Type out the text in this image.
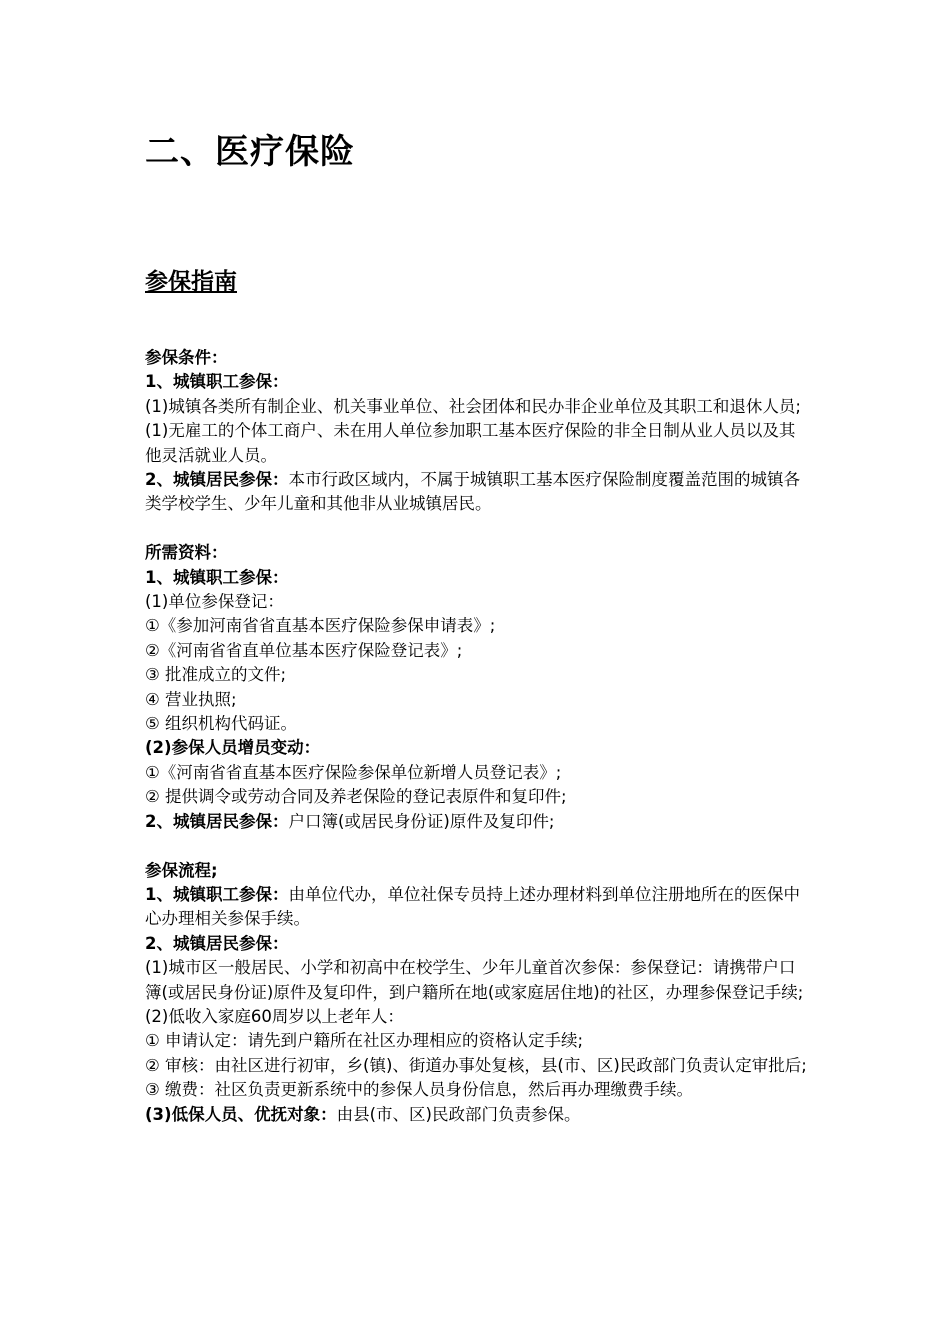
二、医疗保险
参保指南

参保条件：

1、城镇职工参保：

(1)城镇各类所有制企业、机关事业单位、社会团体和民办非企业单位及其职工和退休人员;

(1)无雇工的个体工商户、未在用人单位参加职工基本医疗保险的非全日制从业人员以及其他灵活就业人员。

2、城镇居民参保：本市行政区域内，不属于城镇职工基本医疗保险制度覆盖范围的城镇各类学校学生、少年儿童和其他非从业城镇居民。

所需资料：

1、城镇职工参保：

(1)单位参保登记：

①《参加河南省省直基本医疗保险参保申请表》;

②《河南省省直单位基本医疗保险登记表》;

③ 批准成立的文件;

④ 营业执照;

⑤ 组织机构代码证。

(2)参保人员增员变动：

①《河南省省直基本医疗保险参保单位新增人员登记表》;

② 提供调令或劳动合同及养老保险的登记表原件和复印件;

2、城镇居民参保：户口簿(或居民身份证)原件及复印件;

参保流程;

1、城镇职工参保：由单位代办，单位社保专员持上述办理材料到单位注册地所在的医保中心办理相关参保手续。

2、城镇居民参保：

(1)城市区一般居民、小学和初高中在校学生、少年儿童首次参保：参保登记：请携带户口簿(或居民身份证)原件及复印件，到户籍所在地(或家庭居住地)的社区，办理参保登记手续;

(2)低收入家庭60周岁以上老年人：

① 申请认定：请先到户籍所在社区办理相应的资格认定手续;

② 审核：由社区进行初审，乡(镇)、街道办事处复核，县(市、区)民政部门负责认定审批后;

③ 缴费：社区负责更新系统中的参保人员身份信息，然后再办理缴费手续。

(3)低保人员、优抚对象：由县(市、区)民政部门负责参保。
